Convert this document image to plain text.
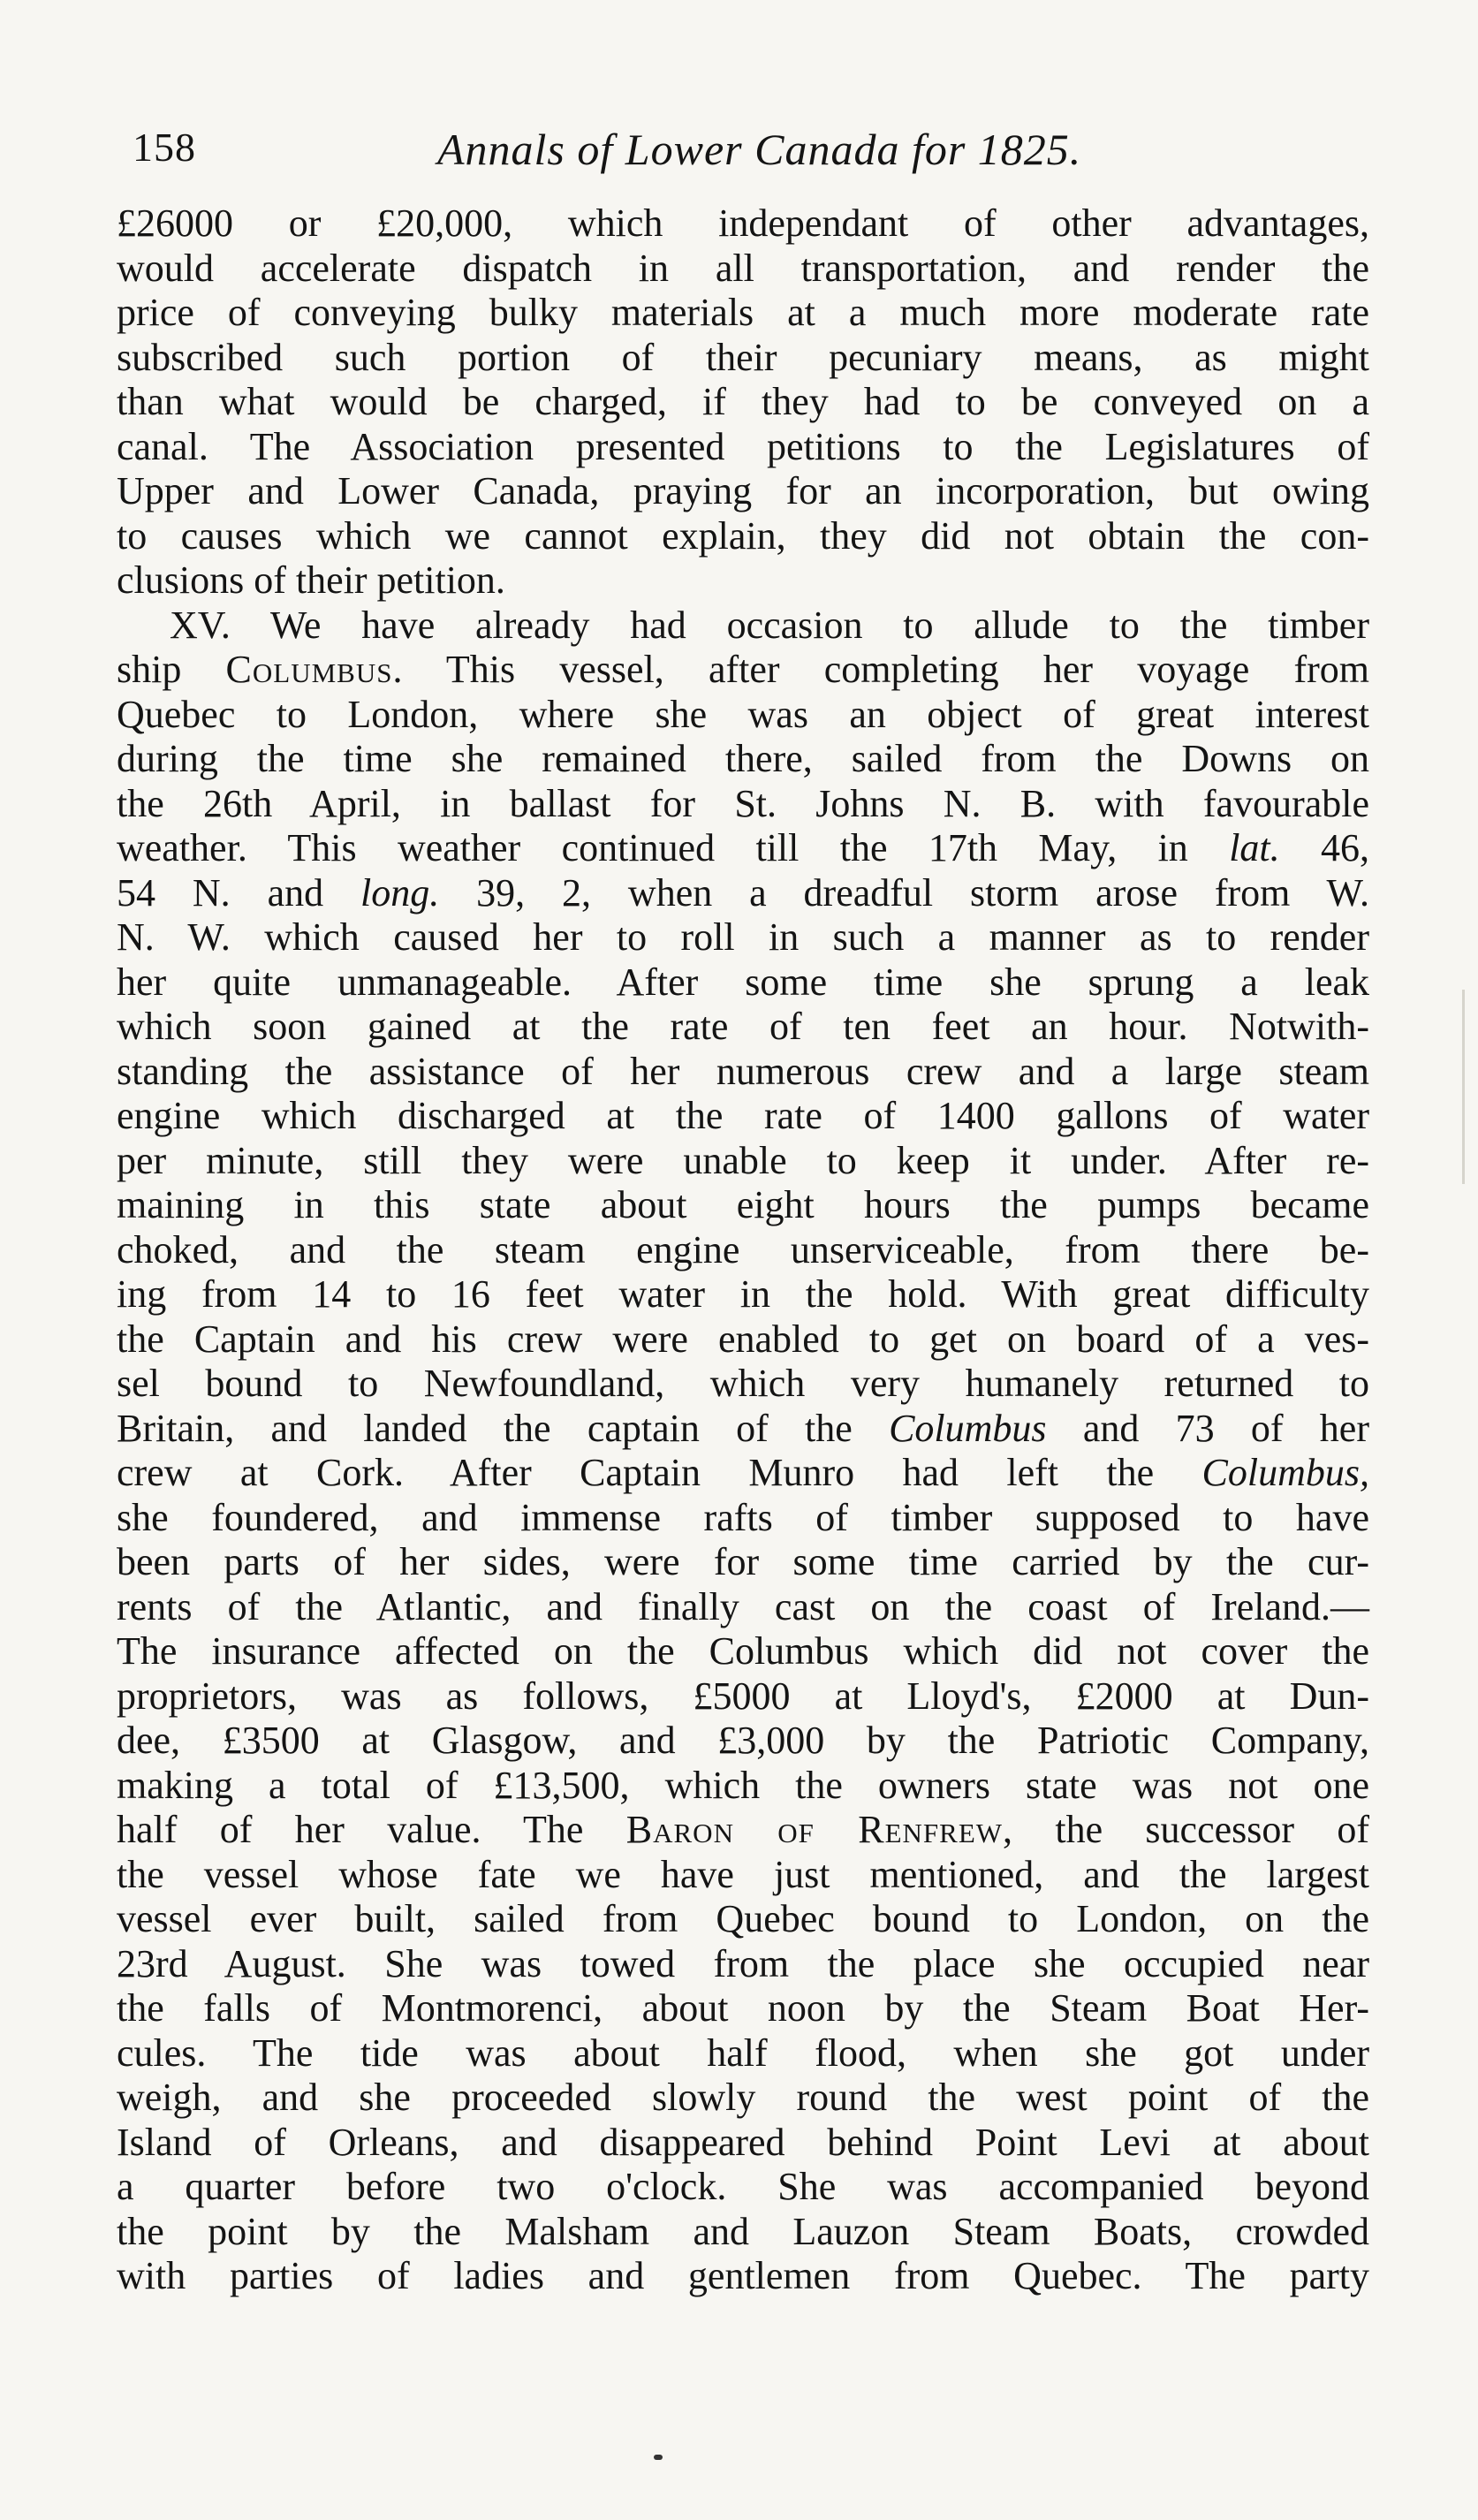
158	Annals of Lower Canada for 1825.
£26000 or £20,000, which independant of other advantages,
would accelerate dispatch in all transportation, and render the
price of conveying bulky materials at a much more moderate rate
subscribed such portion of their pecuniary means, as might
than what would be charged, if they had to be conveyed on a
canal. The Association presented petitions to the Legislatures of
Upper and Lower Canada, praying for an incorporation, but owing
to causes which we cannot explain, they did not obtain the con-
clusions of their petition.
XV. We have already had occasion to allude to the timber
ship Columbus. This vessel, after completing her voyage from
Quebec to London, where she was an object of great interest
during the time she remained there, sailed from the Downs on
the 26th April, in ballast for St. Johns N. B. with favourable
weather. This weather continued till the 17th May, in lat. 46,
54 N. and long. 39, 2, when a dreadful storm arose from W.
N. W. which caused her to roll in such a manner as to render
her quite unmanageable. After some time she sprung a leak
which soon gained at the rate of ten feet an hour. Notwith-
standing the assistance of her numerous crew and a large steam
engine which discharged at the rate of 1400 gallons of water
per minute, still they were unable to keep it under. After re-
maining in this state about eight hours the pumps became
choked, and the steam engine unserviceable, from there be-
ing from 14 to 16 feet water in the hold. With great difficulty
the Captain and his crew were enabled to get on board of a ves-
sel bound to Newfoundland, which very humanely returned to
Britain, and landed the captain of the Columbus and 73 of her
crew at Cork. After Captain Munro had left the Columbus,
she foundered, and immense rafts of timber supposed to have
been parts of her sides, were for some time carried by the cur-
rents of the Atlantic, and finally cast on the coast of Ireland.—
The insurance affected on the Columbus which did not cover the
proprietors, was as follows, £5000 at Lloyd's, £2000 at Dun-
dee, £3500 at Glasgow, and £3,000 by the Patriotic Company,
making a total of £13,500, which the owners state was not one
half of her value. The Baron of Renfrew, the successor of
the vessel whose fate we have just mentioned, and the largest
vessel ever built, sailed from Quebec bound to London, on the
23rd August. She was towed from the place she occupied near
the falls of Montmorenci, about noon by the Steam Boat Her-
cules. The tide was about half flood, when she got under
weigh, and she proceeded slowly round the west point of the
Island of Orleans, and disappeared behind Point Levi at about
a quarter before two o'clock. She was accompanied beyond
the point by the Malsham and Lauzon Steam Boats, crowded
with parties of ladies and gentlemen from Quebec. The party
